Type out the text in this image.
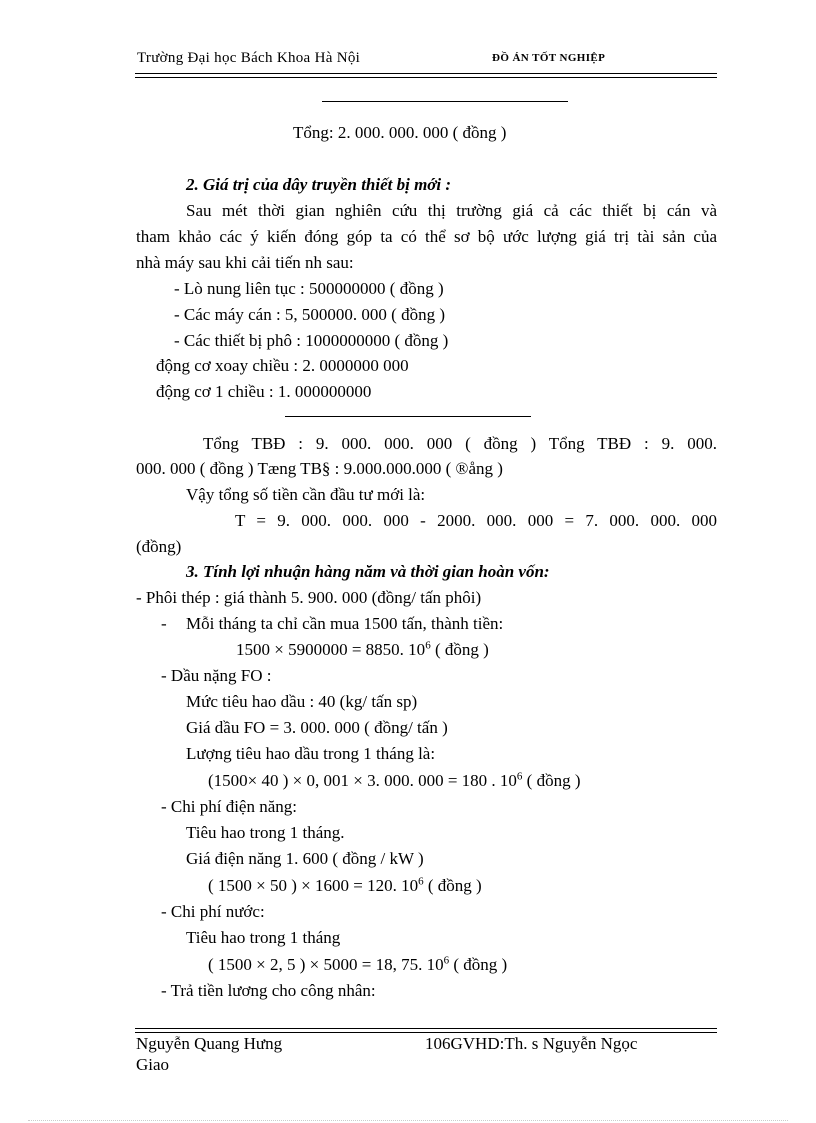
Trường Đại học Bách Khoa Hà Nội	ĐỒ ÁN TỐT NGHIỆP
Tổng: 2. 000. 000. 000 ( đồng )
2. Giá trị của dây truyền thiết bị mới :
Sau mét thời gian nghiên cứu thị trường giá cả các thiết bị cán và
tham khảo các ý kiến đóng góp ta có thể sơ bộ ước lượng giá trị tài sản của
nhà máy sau khi cải tiến nh sau:
- Lò nung liên tục : 500000000 ( đồng )
- Các máy cán : 5, 500000. 000 ( đồng )
- Các thiết bị phô : 1000000000 ( đồng )
động cơ xoay chiều : 2. 0000000 000
động cơ 1 chiều : 1. 000000000
Tổng TBĐ : 9. 000. 000. 000 ( đồng ) Tổng TBĐ : 9. 000.
000. 000 ( đồng ) Tæng TB§ : 9.000.000.000 ( ®ång )
Vậy tổng số tiền cần đầu tư mới là:
T = 9. 000. 000. 000 - 2000. 000. 000 = 7. 000. 000. 000
(đồng)
3. Tính lợi nhuận hàng năm và thời gian hoàn vốn:
- Phôi thép : giá thành 5. 900. 000 (đồng/ tấn phôi)
- Mỗi tháng ta chỉ cần mua 1500 tấn, thành tiền:
1500 × 5900000 = 8850. $10^6$ ( đồng )
- Dầu nặng FO :
Mức tiêu hao dầu : 40 (kg/ tấn sp)
Giá dầu FO = 3. 000. 000 ( đồng/ tấn )
Lượng tiêu hao dầu trong 1 tháng là:
(1500× 40 ) × 0, 001 × 3. 000. 000 = 180 . $10^6$ ( đồng )
- Chi phí điện năng:
Tiêu hao trong 1 tháng.
Giá điện năng 1. 600 ( đồng / kW )
( 1500 × 50 ) × 1600 = 120. $10^6$ ( đồng )
- Chi phí nước:
Tiêu hao trong 1 tháng
( 1500 × 2, 5 ) × 5000 = 18, 75. $10^6$ ( đồng )
- Trả tiền lương cho công nhân:
Nguyễn Quang Hưng	106GVHD:Th. s Nguyễn Ngọc
Giao
